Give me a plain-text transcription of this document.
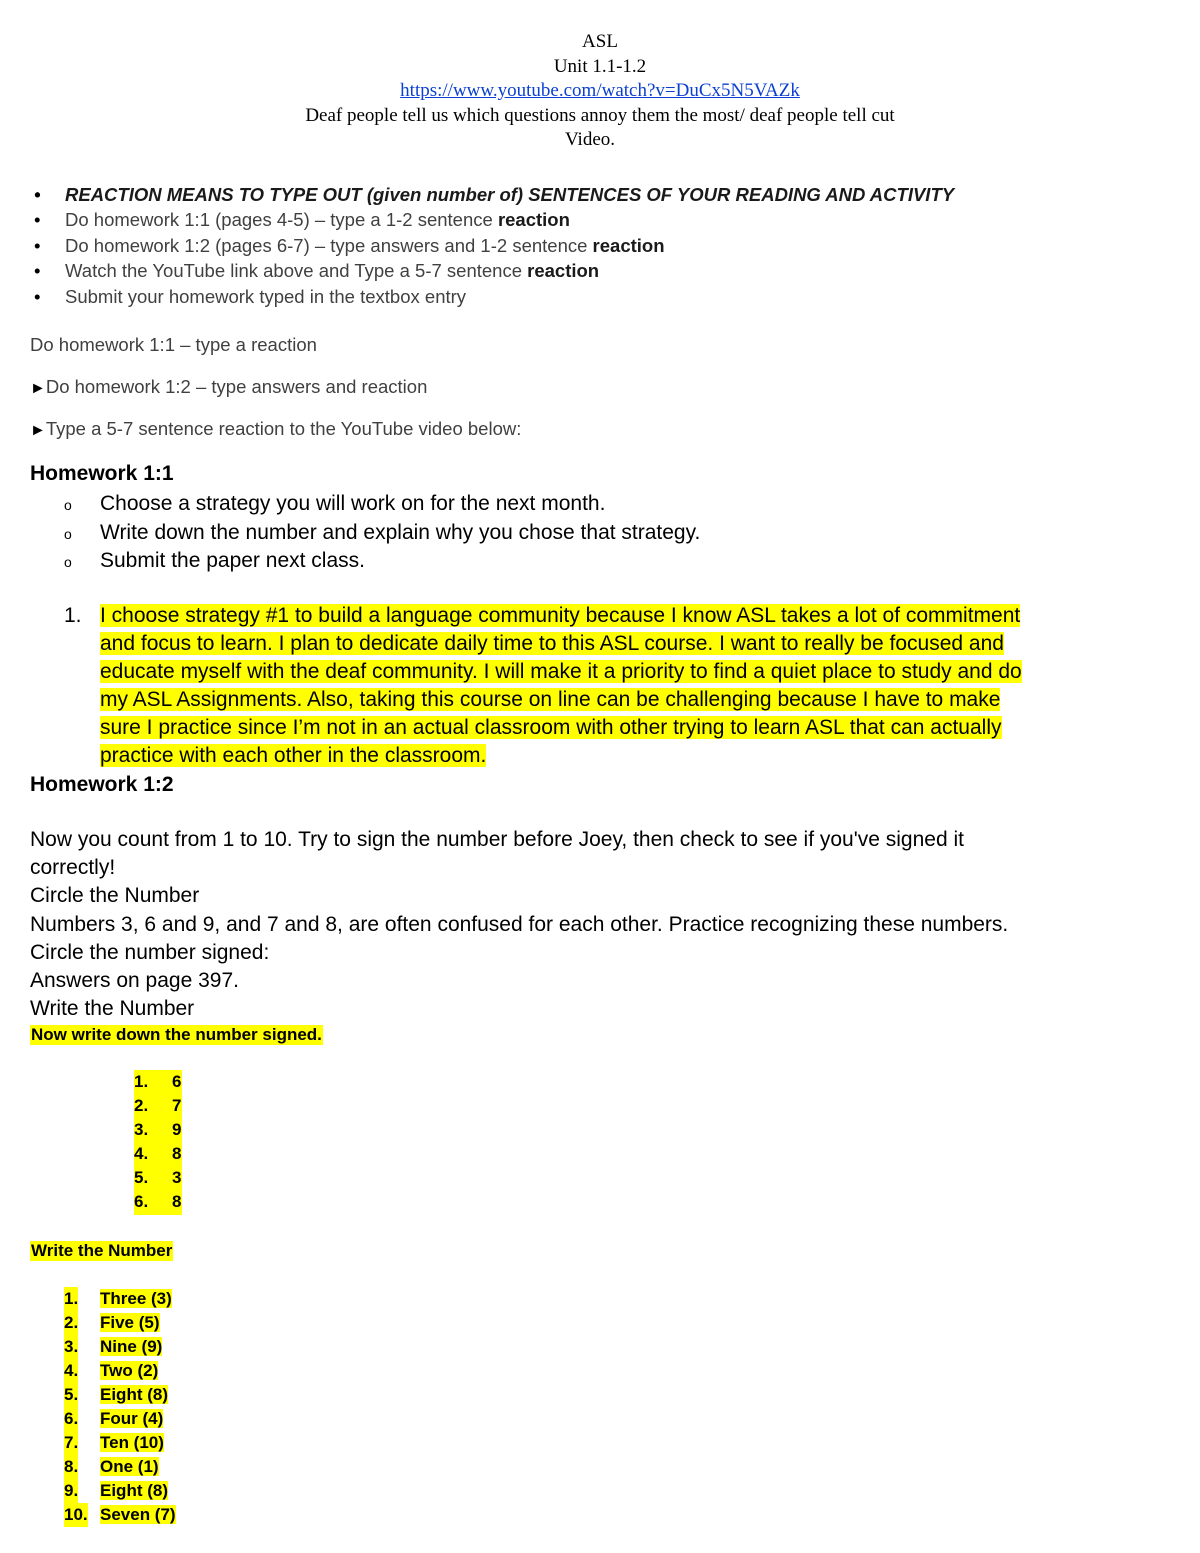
ASL
Unit 1.1-1.2
https://www.youtube.com/watch?v=DuCx5N5VAZk
Deaf people tell us which questions annoy them the most/ deaf people tell cut
Video.
• REACTION MEANS TO TYPE OUT (given number of) SENTENCES OF YOUR READING AND ACTIVITY
• Do homework 1:1 (pages 4-5) – type a 1-2 sentence reaction
• Do homework 1:2 (pages 6-7) – type answers and 1-2 sentence reaction
• Watch the YouTube link above and Type a 5-7 sentence reaction
• Submit your homework typed in the textbox entry
Do homework 1:1 – type a reaction
►Do homework 1:2 – type answers and reaction
►Type a 5-7 sentence reaction to the YouTube video below:
Homework 1:1
o Choose a strategy you will work on for the next month.
o Write down the number and explain why you chose that strategy.
o Submit the paper next class.
1. I choose strategy #1 to build a language community because I know ASL takes a lot of commitment
and focus to learn. I plan to dedicate daily time to this ASL course. I want to really be focused and
educate myself with the deaf community. I will make it a priority to find a quiet place to study and do
my ASL Assignments. Also, taking this course on line can be challenging because I have to make
sure I practice since I’m not in an actual classroom with other trying to learn ASL that can actually
practice with each other in the classroom.
Homework 1:2
Now you count from 1 to 10. Try to sign the number before Joey, then check to see if you've signed it
correctly!
Circle the Number
Numbers 3, 6 and 9, and 7 and 8, are often confused for each other. Practice recognizing these numbers.
Circle the number signed:
Answers on page 397.
Write the Number
Now write down the number signed.
1. 6
2. 7
3. 9
4. 8
5. 3
6. 8
Write the Number
1. Three (3)
2. Five (5)
3. Nine (9)
4. Two (2)
5. Eight (8)
6. Four (4)
7. Ten (10)
8. One (1)
9. Eight (8)
10. Seven (7)
